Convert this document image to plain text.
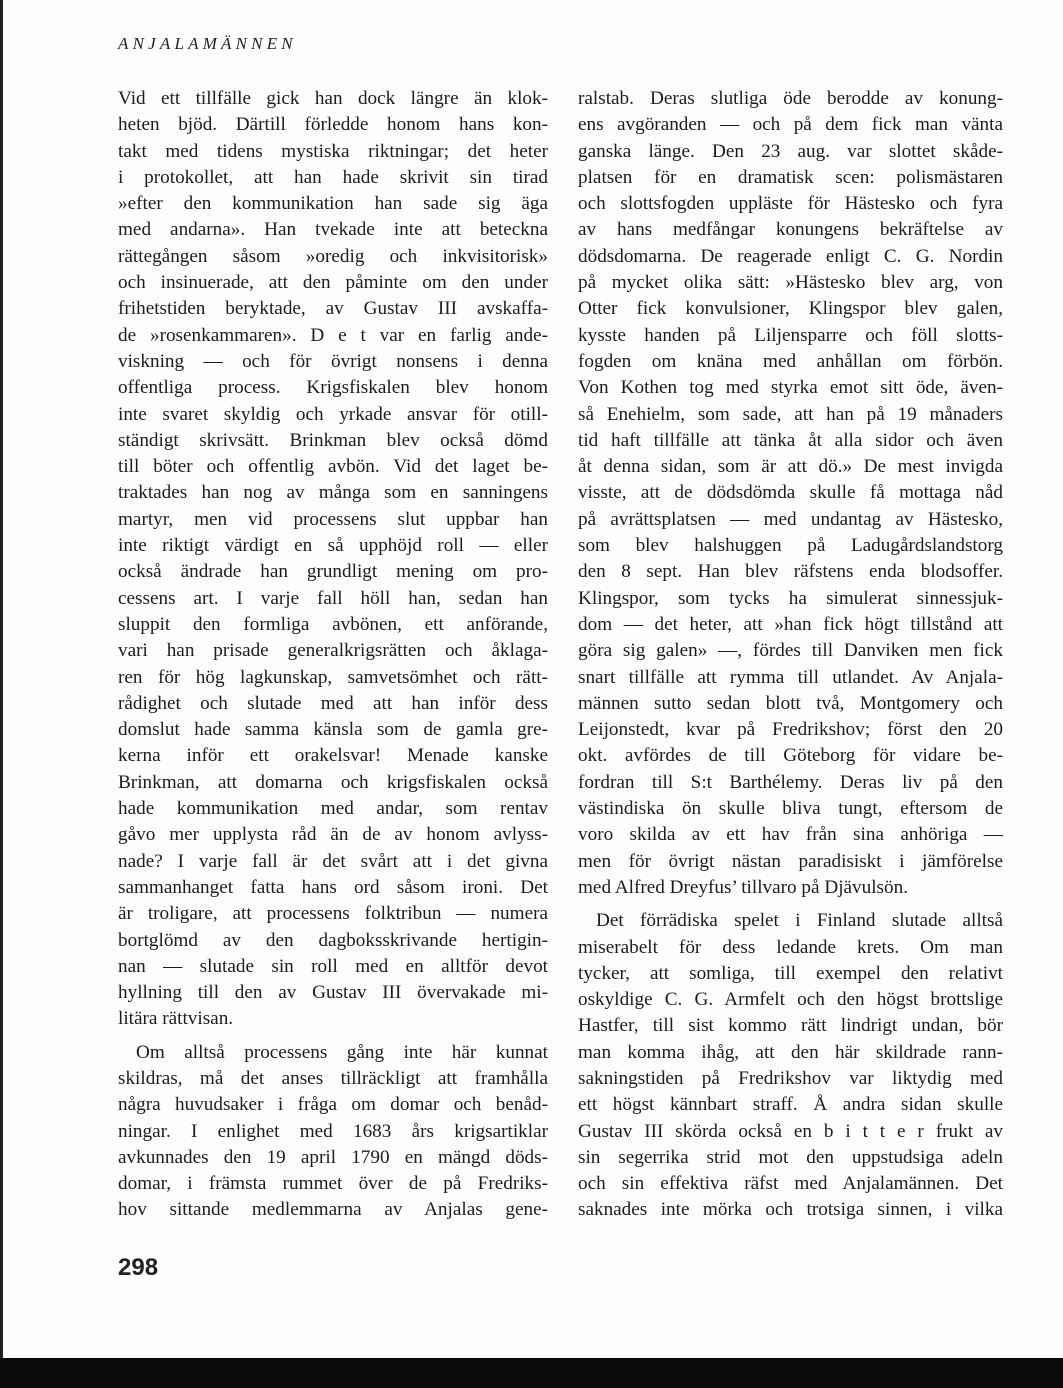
ANJALAMÄNNEN
Vid ett tillfälle gick han dock längre än klok-
heten bjöd. Därtill förledde honom hans kon-
takt med tidens mystiska riktningar; det heter
i protokollet, att han hade skrivit sin tirad
»efter den kommunikation han sade sig äga
med andarna». Han tvekade inte att beteckna
rättegången såsom »oredig och inkvisitorisk»
och insinuerade, att den påminte om den under
frihetstiden beryktade, av Gustav III avskaffa-
de »rosenkammaren». D e t var en farlig ande-
viskning — och för övrigt nonsens i denna
offentliga process. Krigsfiskalen blev honom
inte svaret skyldig och yrkade ansvar för otill-
ständigt skrivsätt. Brinkman blev också dömd
till böter och offentlig avbön. Vid det laget be-
traktades han nog av många som en sanningens
martyr, men vid processens slut uppbar han
inte riktigt värdigt en så upphöjd roll — eller
också ändrade han grundligt mening om pro-
cessens art. I varje fall höll han, sedan han
sluppit den formliga avbönen, ett anförande,
vari han prisade generalkrigsrätten och åklaga-
ren för hög lagkunskap, samvetsömhet och rätt-
rådighet och slutade med att han inför dess
domslut hade samma känsla som de gamla gre-
kerna inför ett orakelsvar! Menade kanske
Brinkman, att domarna och krigsfiskalen också
hade kommunikation med andar, som rentav
gåvo mer upplysta råd än de av honom avlyss-
nade? I varje fall är det svårt att i det givna
sammanhanget fatta hans ord såsom ironi. Det
är troligare, att processens folktribun — numera
bortglömd av den dagboksskrivande hertigin-
nan — slutade sin roll med en alltför devot
hyllning till den av Gustav III övervakade mi-
litära rättvisan.
Om alltså processens gång inte här kunnat
skildras, må det anses tillräckligt att framhålla
några huvudsaker i fråga om domar och benåd-
ningar. I enlighet med 1683 års krigsartiklar
avkunnades den 19 april 1790 en mängd döds-
domar, i främsta rummet över de på Fredriks-
hov sittande medlemmarna av Anjalas gene-
ralstab. Deras slutliga öde berodde av konung-
ens avgöranden — och på dem fick man vänta
ganska länge. Den 23 aug. var slottet skåde-
platsen för en dramatisk scen: polismästaren
och slottsfogden uppläste för Hästesko och fyra
av hans medfångar konungens bekräftelse av
dödsdomarna. De reagerade enligt C. G. Nordin
på mycket olika sätt: »Hästesko blev arg, von
Otter fick konvulsioner, Klingspor blev galen,
kysste handen på Liljensparre och föll slotts-
fogden om knäna med anhållan om förbön.
Von Kothen tog med styrka emot sitt öde, även-
så Enehielm, som sade, att han på 19 månaders
tid haft tillfälle att tänka åt alla sidor och även
åt denna sidan, som är att dö.» De mest invigda
visste, att de dödsdömda skulle få mottaga nåd
på avrättsplatsen — med undantag av Hästesko,
som blev halshuggen på Ladugårdslandstorg
den 8 sept. Han blev räfstens enda blodsoffer.
Klingspor, som tycks ha simulerat sinnessjuk-
dom — det heter, att »han fick högt tillstånd att
göra sig galen» —, fördes till Danviken men fick
snart tillfälle att rymma till utlandet. Av Anjala-
männen sutto sedan blott två, Montgomery och
Leijonstedt, kvar på Fredrikshov; först den 20
okt. avfördes de till Göteborg för vidare be-
fordran till S:t Barthélemy. Deras liv på den
västindiska ön skulle bliva tungt, eftersom de
voro skilda av ett hav från sina anhöriga —
men för övrigt nästan paradisiskt i jämförelse
med Alfred Dreyfus’ tillvaro på Djävulsön.
Det förrädiska spelet i Finland slutade alltså
miserabelt för dess ledande krets. Om man
tycker, att somliga, till exempel den relativt
oskyldige C. G. Armfelt och den högst brottslige
Hastfer, till sist kommo rätt lindrigt undan, bör
man komma ihåg, att den här skildrade rann-
sakningstiden på Fredrikshov var liktydig med
ett högst kännbart straff. Å andra sidan skulle
Gustav III skörda också en b i t t e r frukt av
sin segerrika strid mot den uppstudsiga adeln
och sin effektiva räfst med Anjalamännen. Det
saknades inte mörka och trotsiga sinnen, i vilka
298
